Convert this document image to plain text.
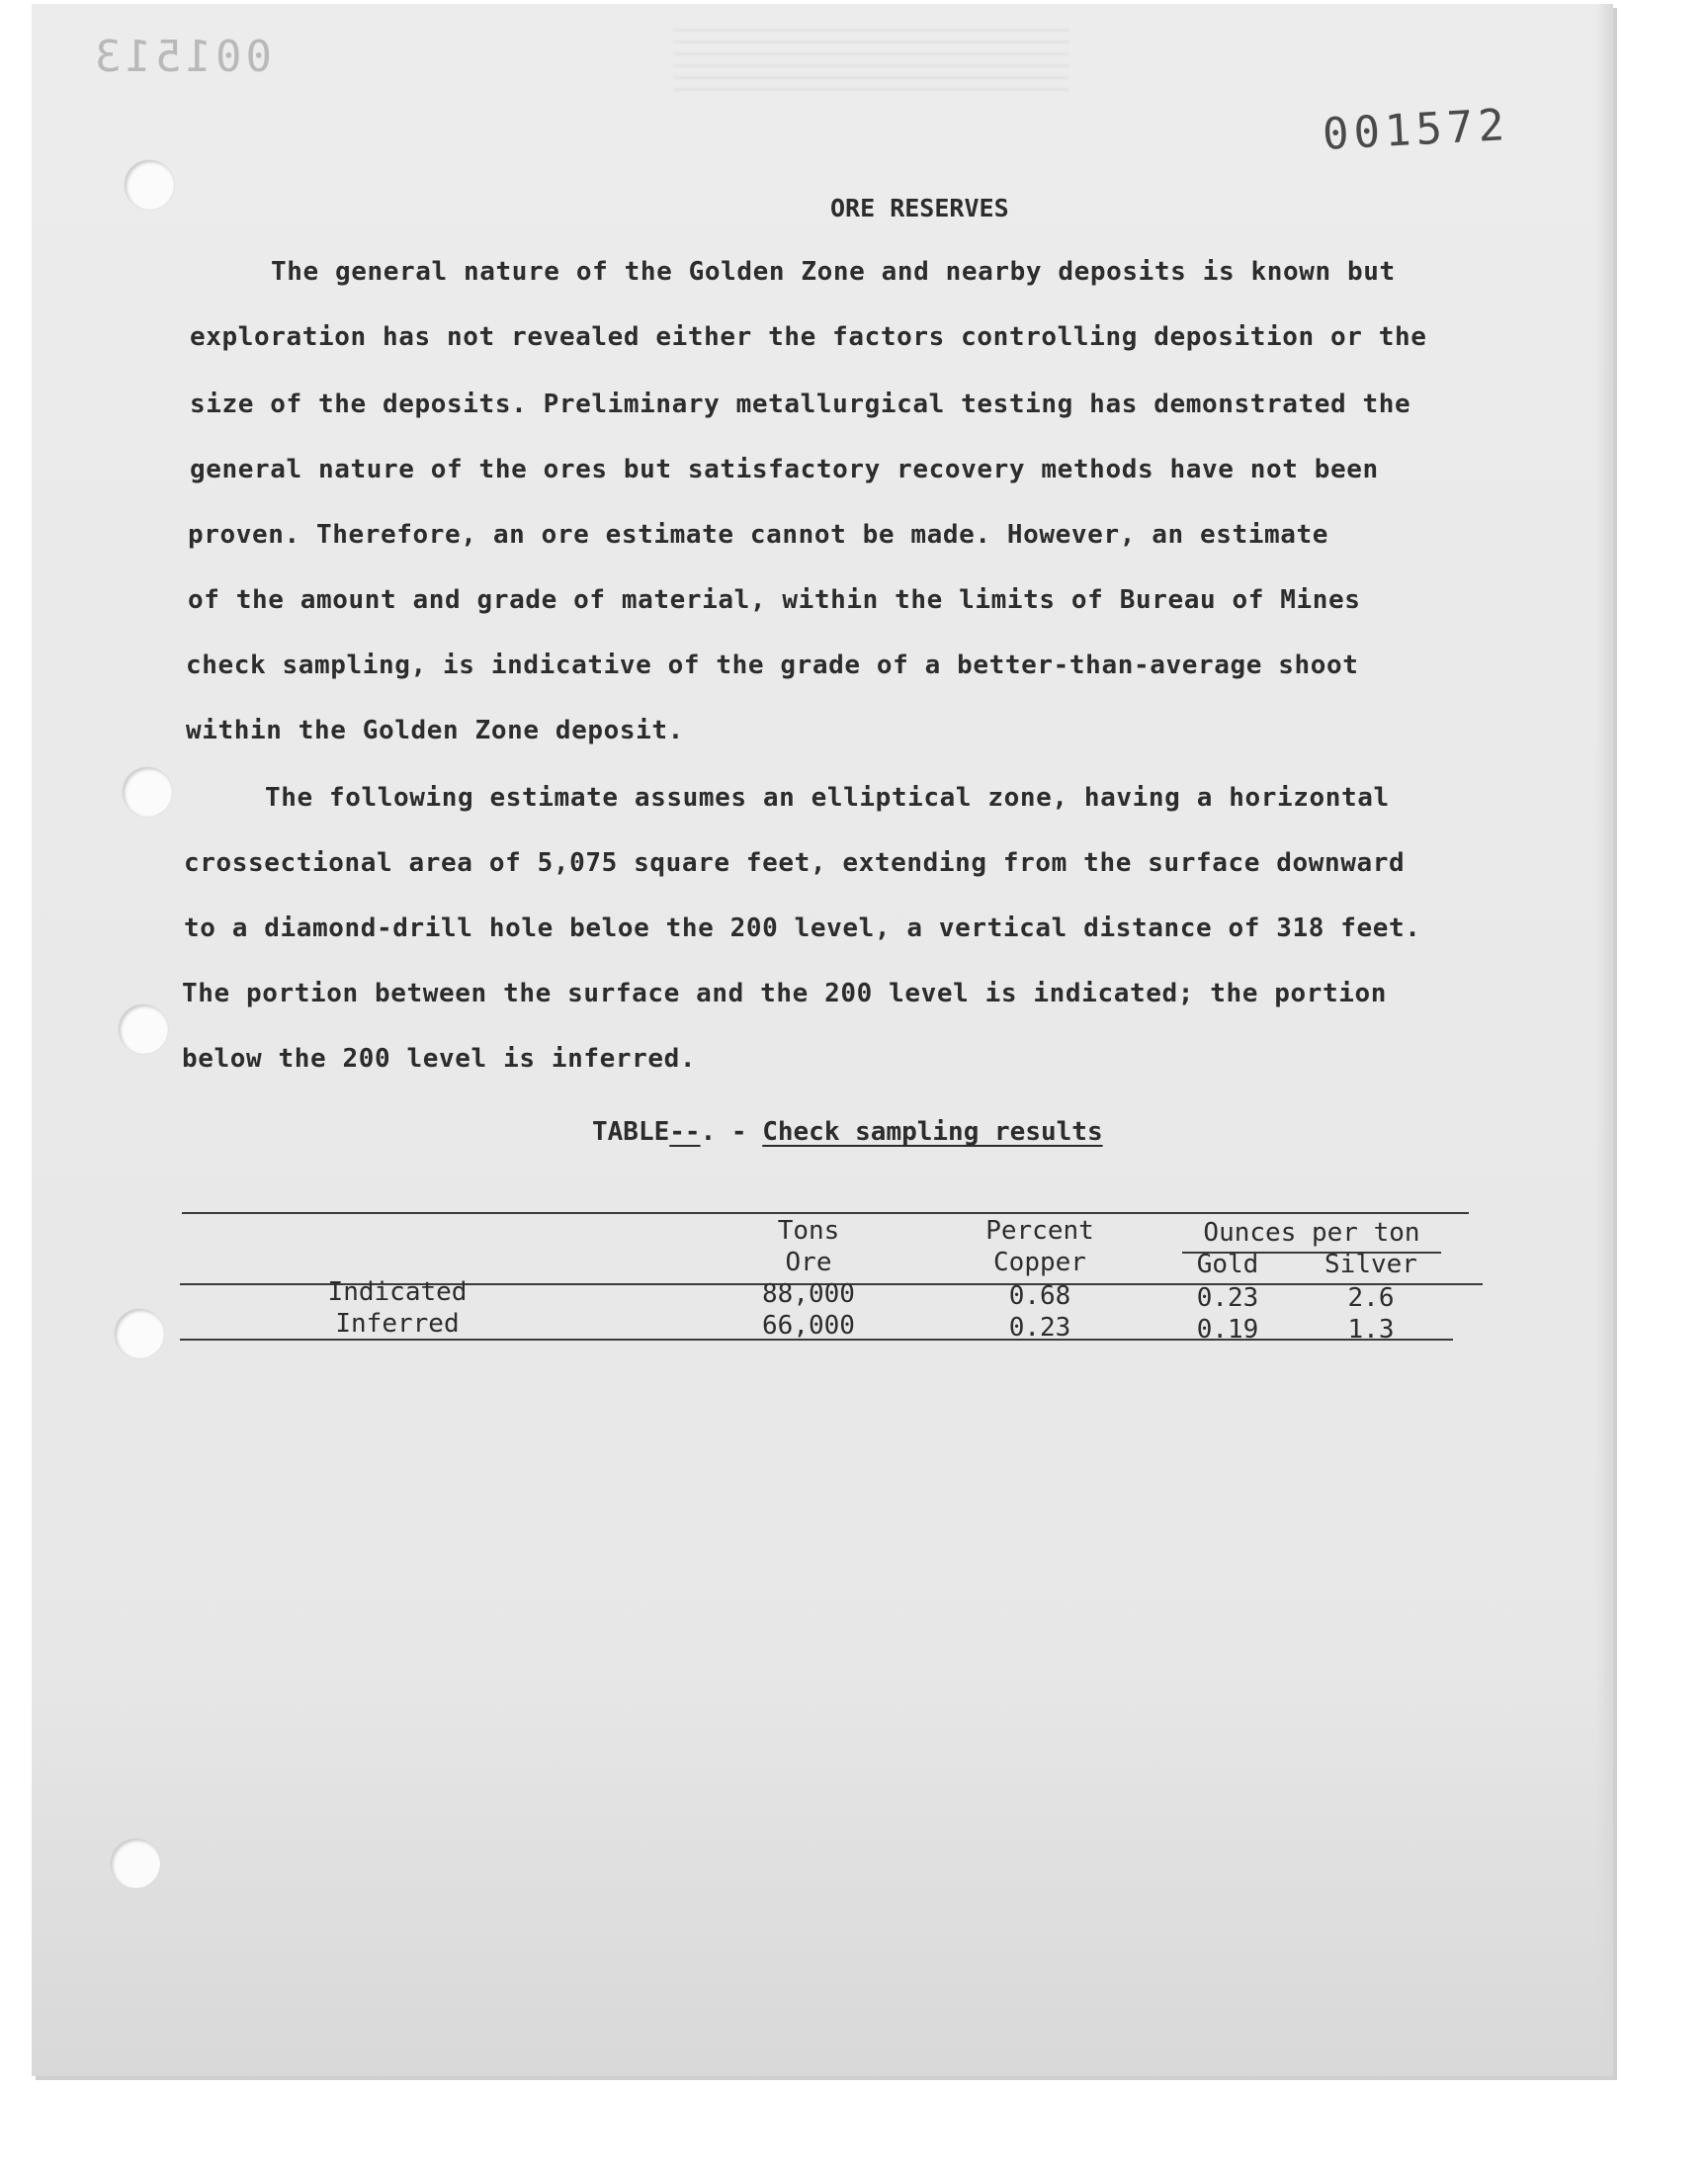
001513
001572
ORE RESERVES
The general nature of the Golden Zone and nearby deposits is known but
exploration has not revealed either the factors controlling deposition or the
size of the deposits. Preliminary metallurgical testing has demonstrated the
general nature of the ores but satisfactory recovery methods have not been
proven. Therefore, an ore estimate cannot be made. However, an estimate
of the amount and grade of material, within the limits of Bureau of Mines
check sampling, is indicative of the grade of a better-than-average shoot
within the Golden Zone deposit.
The following estimate assumes an elliptical zone, having a horizontal
crossectional area of 5,075 square feet, extending from the surface downward
to a diamond-drill hole beloe the 200 level, a vertical distance of 318 feet.
The portion between the surface and the 200 level is indicated; the portion
below the 200 level is inferred.
TABLE--. - Check sampling results
Tons
Ore
Percent
Copper
Ounces per ton
Gold	Silver
Indicated	88,000	0.68	0.23	2.6
Inferred	66,000	0.23	0.19	1.3
